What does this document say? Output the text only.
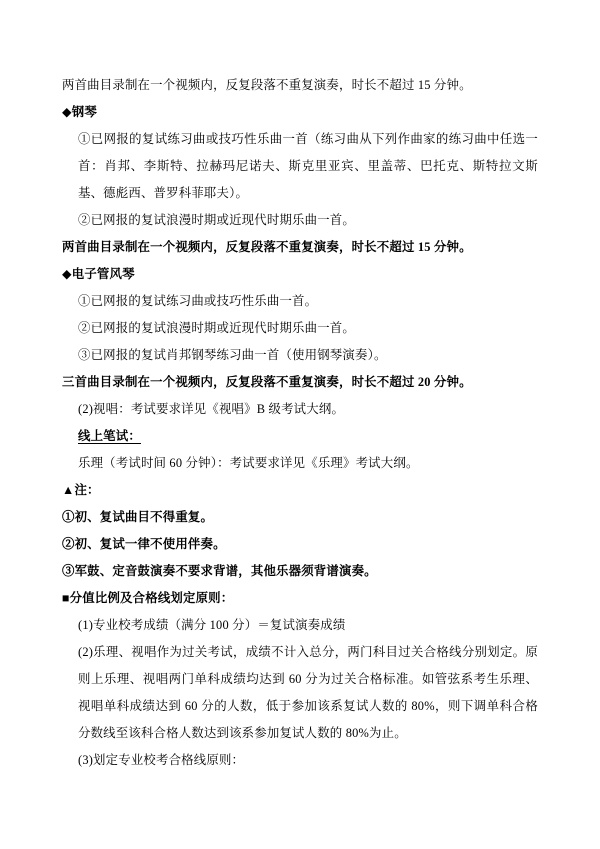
两首曲目录制在一个视频内，反复段落不重复演奏，时长不超过 15 分钟。
◆钢琴
①已网报的复试练习曲或技巧性乐曲一首（练习曲从下列作曲家的练习曲中任选一首：肖邦、李斯特、拉赫玛尼诺夫、斯克里亚宾、里盖蒂、巴托克、斯特拉文斯基、德彪西、普罗科菲耶夫）。
②已网报的复试浪漫时期或近现代时期乐曲一首。
两首曲目录制在一个视频内，反复段落不重复演奏，时长不超过 15 分钟。
◆电子管风琴
①已网报的复试练习曲或技巧性乐曲一首。
②已网报的复试浪漫时期或近现代时期乐曲一首。
③已网报的复试肖邦钢琴练习曲一首（使用钢琴演奏）。
三首曲目录制在一个视频内，反复段落不重复演奏，时长不超过 20 分钟。
(2)视唱：考试要求详见《视唱》B 级考试大纲。
线上笔试：
乐理（考试时间 60 分钟）：考试要求详见《乐理》考试大纲。
▲注：
①初、复试曲目不得重复。
②初、复试一律不使用伴奏。
③军鼓、定音鼓演奏不要求背谱，其他乐器须背谱演奏。
■分值比例及合格线划定原则：
(1)专业校考成绩（满分 100 分）＝复试演奏成绩
(2)乐理、视唱作为过关考试，成绩不计入总分，两门科目过关合格线分别划定。原则上乐理、视唱两门单科成绩均达到 60 分为过关合格标准。如管弦系考生乐理、视唱单科成绩达到 60 分的人数，低于参加该系复试人数的 80%，则下调单科合格分数线至该科合格人数达到该系参加复试人数的 80%为止。
(3)划定专业校考合格线原则：
